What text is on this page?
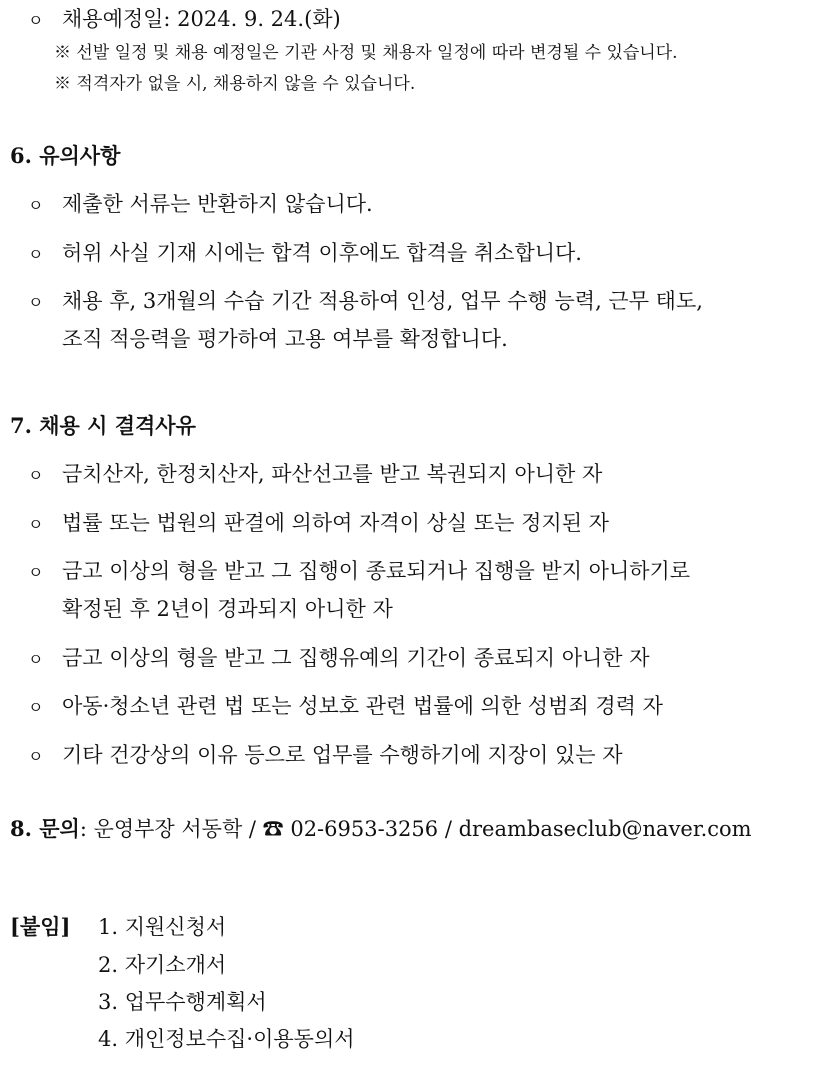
ㅇ 채용예정일: 2024. 9. 24.(화)
※ 선발 일정 및 채용 예정일은 기관 사정 및 채용자 일정에 따라 변경될 수 있습니다.
※ 적격자가 없을 시, 채용하지 않을 수 있습니다.
6. 유의사항
ㅇ 제출한 서류는 반환하지 않습니다.
ㅇ 허위 사실 기재 시에는 합격 이후에도 합격을 취소합니다.
ㅇ 채용 후, 3개월의 수습 기간 적용하여 인성, 업무 수행 능력, 근무 태도,
조직 적응력을 평가하여 고용 여부를 확정합니다.
7. 채용 시 결격사유
ㅇ 금치산자, 한정치산자, 파산선고를 받고 복권되지 아니한 자
ㅇ 법률 또는 법원의 판결에 의하여 자격이 상실 또는 정지된 자
ㅇ 금고 이상의 형을 받고 그 집행이 종료되거나 집행을 받지 아니하기로
확정된 후 2년이 경과되지 아니한 자
ㅇ 금고 이상의 형을 받고 그 집행유예의 기간이 종료되지 아니한 자
ㅇ 아동·청소년 관련 법 또는 성보호 관련 법률에 의한 성범죄 경력 자
ㅇ 기타 건강상의 이유 등으로 업무를 수행하기에 지장이 있는 자
8. 문의: 운영부장 서동학 / ☎ 02-6953-3256 / dreambaseclub@naver.com
[붙임] 1. 지원신청서
2. 자기소개서
3. 업무수행계획서
4. 개인정보수집·이용동의서
